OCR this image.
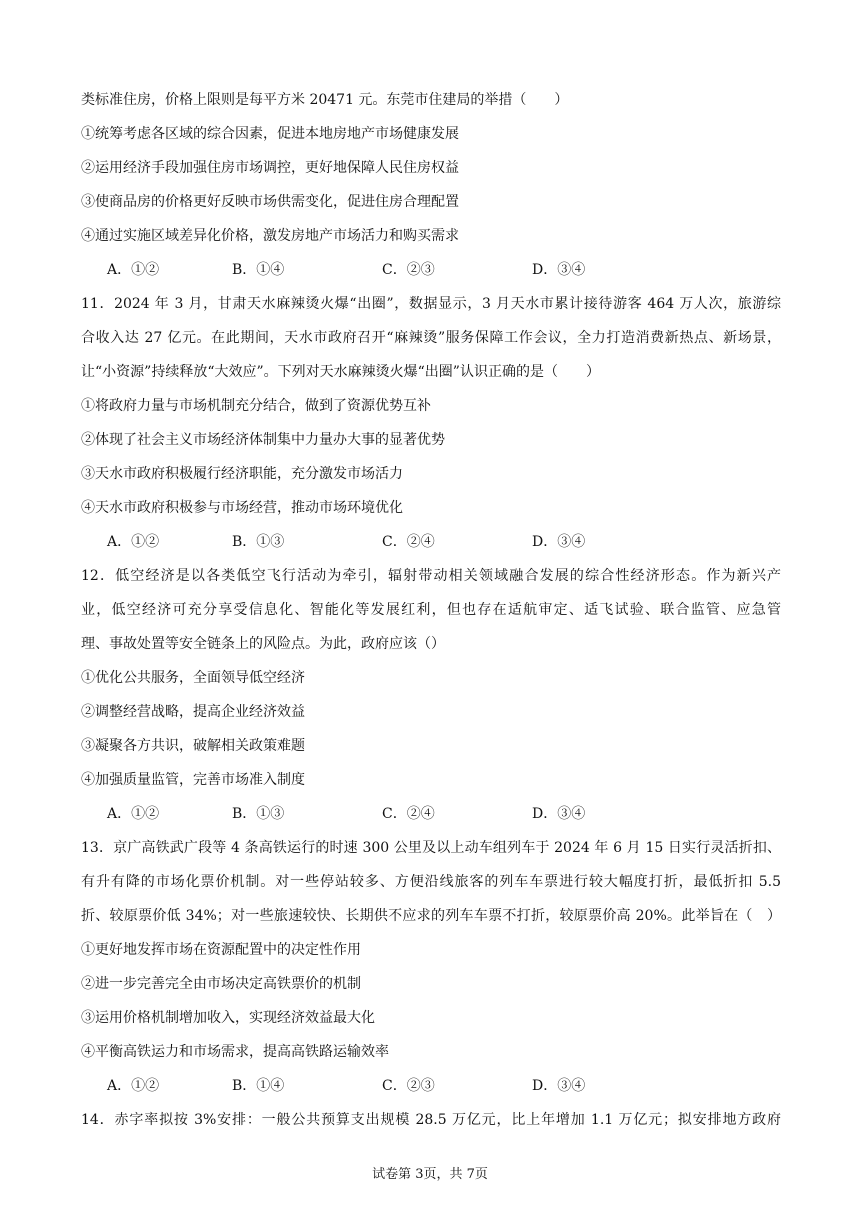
类标准住房，价格上限则是每平方米 20471 元。东莞市住建局的举措（　　）
①统筹考虑各区域的综合因素，促进本地房地产市场健康发展
②运用经济手段加强住房市场调控，更好地保障人民住房权益
③使商品房的价格更好反映市场供需变化，促进住房合理配置
④通过实施区域差异化价格，激发房地产市场活力和购买需求
A．①②	B．①④	C．②③	D．③④
11．2024 年 3 月，甘肃天水麻辣烫火爆“出圈”，数据显示，3 月天水市累计接待游客 464 万人次，旅游综
合收入达 27 亿元。在此期间，天水市政府召开“麻辣烫”服务保障工作会议，全力打造消费新热点、新场景，
让“小资源”持续释放“大效应”。下列对天水麻辣烫火爆“出圈”认识正确的是（　　）
①将政府力量与市场机制充分结合，做到了资源优势互补
②体现了社会主义市场经济体制集中力量办大事的显著优势
③天水市政府积极履行经济职能，充分激发市场活力
④天水市政府积极参与市场经营，推动市场环境优化
A．①②	B．①③	C．②④	D．③④
12．低空经济是以各类低空飞行活动为牵引，辐射带动相关领域融合发展的综合性经济形态。作为新兴产
业，低空经济可充分享受信息化、智能化等发展红利，但也存在适航审定、适飞试验、联合监管、应急管
理、事故处置等安全链条上的风险点。为此，政府应该（）
①优化公共服务，全面领导低空经济
②调整经营战略，提高企业经济效益
③凝聚各方共识，破解相关政策难题
④加强质量监管，完善市场准入制度
A．①②	B．①③	C．②④	D．③④
13．京广高铁武广段等 4 条高铁运行的时速 300 公里及以上动车组列车于 2024 年 6 月 15 日实行灵活折扣、
有升有降的市场化票价机制。对一些停站较多、方便沿线旅客的列车车票进行较大幅度打折，最低折扣 5.5
折、较原票价低 34%；对一些旅速较快、长期供不应求的列车车票不打折，较原票价高 20%。此举旨在（　）
①更好地发挥市场在资源配置中的决定性作用
②进一步完善完全由市场决定高铁票价的机制
③运用价格机制增加收入，实现经济效益最大化
④平衡高铁运力和市场需求，提高高铁路运输效率
A．①②	B．①④	C．②③	D．③④
14．赤字率拟按 3%安排：一般公共预算支出规模 28.5 万亿元，比上年增加 1.1 万亿元；拟安排地方政府
试卷第 3页，共 7页
